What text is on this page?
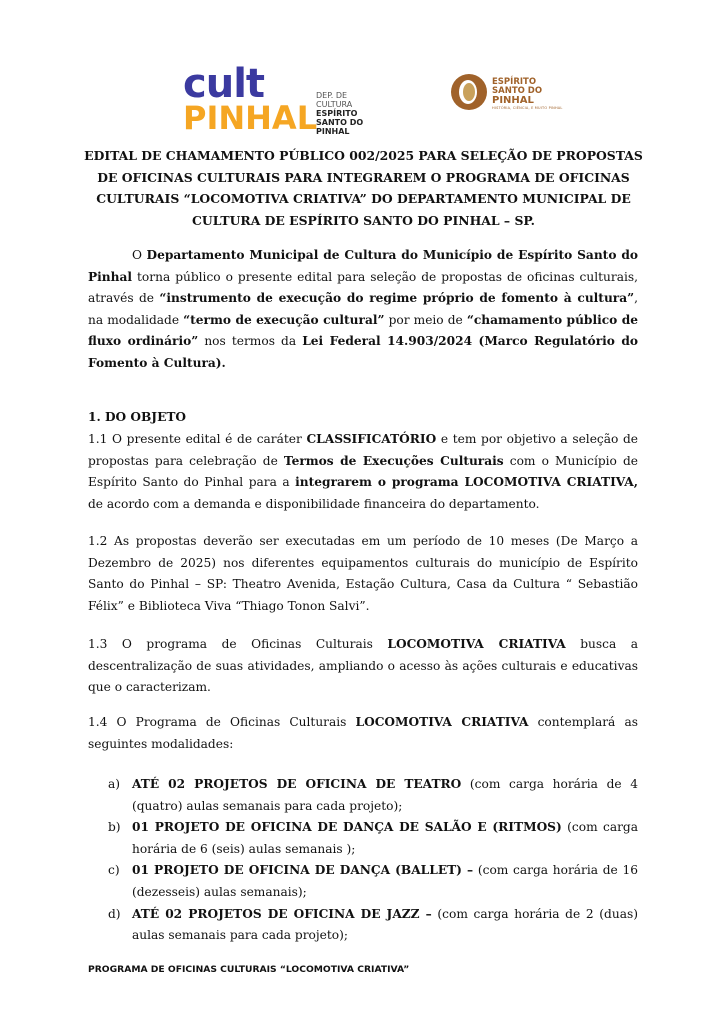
cult
PINHAL
DEP. DE
CULTURA
ESPÍRITO
SANTO DO
PINHAL
ESPÍRITO
SANTO DO
PINHAL
HISTÓRIA, CIÊNCIA, E MUITO PINHAL
EDITAL DE CHAMAMENTO PÚBLICO 002/2025 PARA SELEÇÃO DE PROPOSTAS DE OFICINAS CULTURAIS PARA INTEGRAREM O PROGRAMA DE OFICINAS CULTURAIS “LOCOMOTIVA CRIATIVA” DO DEPARTAMENTO MUNICIPAL DE CULTURA DE ESPÍRITO SANTO DO PINHAL – SP.
O Departamento Municipal de Cultura do Município de Espírito Santo do Pinhal torna público o presente edital para seleção de propostas de oficinas culturais, através de “instrumento de execução do regime próprio de fomento à cultura”, na modalidade “termo de execução cultural” por meio de “chamamento público de fluxo ordinário” nos termos da Lei Federal 14.903/2024 (Marco Regulatório do Fomento à Cultura).
1. DO OBJETO
1.1 O presente edital é de caráter CLASSIFICATÓRIO e tem por objetivo a seleção de propostas para celebração de Termos de Execuções Culturais com o Município de Espírito Santo do Pinhal para a integrarem o programa LOCOMOTIVA CRIATIVA, de acordo com a demanda e disponibilidade financeira do departamento.
1.2 As propostas deverão ser executadas em um período de 10 meses (De Março a Dezembro de 2025) nos diferentes equipamentos culturais do município de Espírito Santo do Pinhal – SP: Theatro Avenida, Estação Cultura, Casa da Cultura “ Sebastião Félix” e Biblioteca Viva “Thiago Tonon Salvi”.
1.3 O programa de Oficinas Culturais LOCOMOTIVA CRIATIVA busca a descentralização de suas atividades, ampliando o acesso às ações culturais e educativas que o caracterizam.
1.4 O Programa de Oficinas Culturais LOCOMOTIVA CRIATIVA contemplará as seguintes modalidades:
a) ATÉ 02 PROJETOS DE OFICINA DE TEATRO (com carga horária de 4 (quatro) aulas semanais para cada projeto);
b) 01 PROJETO DE OFICINA DE DANÇA DE SALÃO E (RITMOS) (com carga horária de 6 (seis) aulas semanais );
c) 01 PROJETO DE OFICINA DE DANÇA (BALLET) – (com carga horária de 16 (dezesseis) aulas semanais);
d) ATÉ 02 PROJETOS DE OFICINA DE JAZZ – (com carga horária de 2 (duas) aulas semanais para cada projeto);
PROGRAMA DE OFICINAS CULTURAIS “LOCOMOTIVA CRIATIVA”
